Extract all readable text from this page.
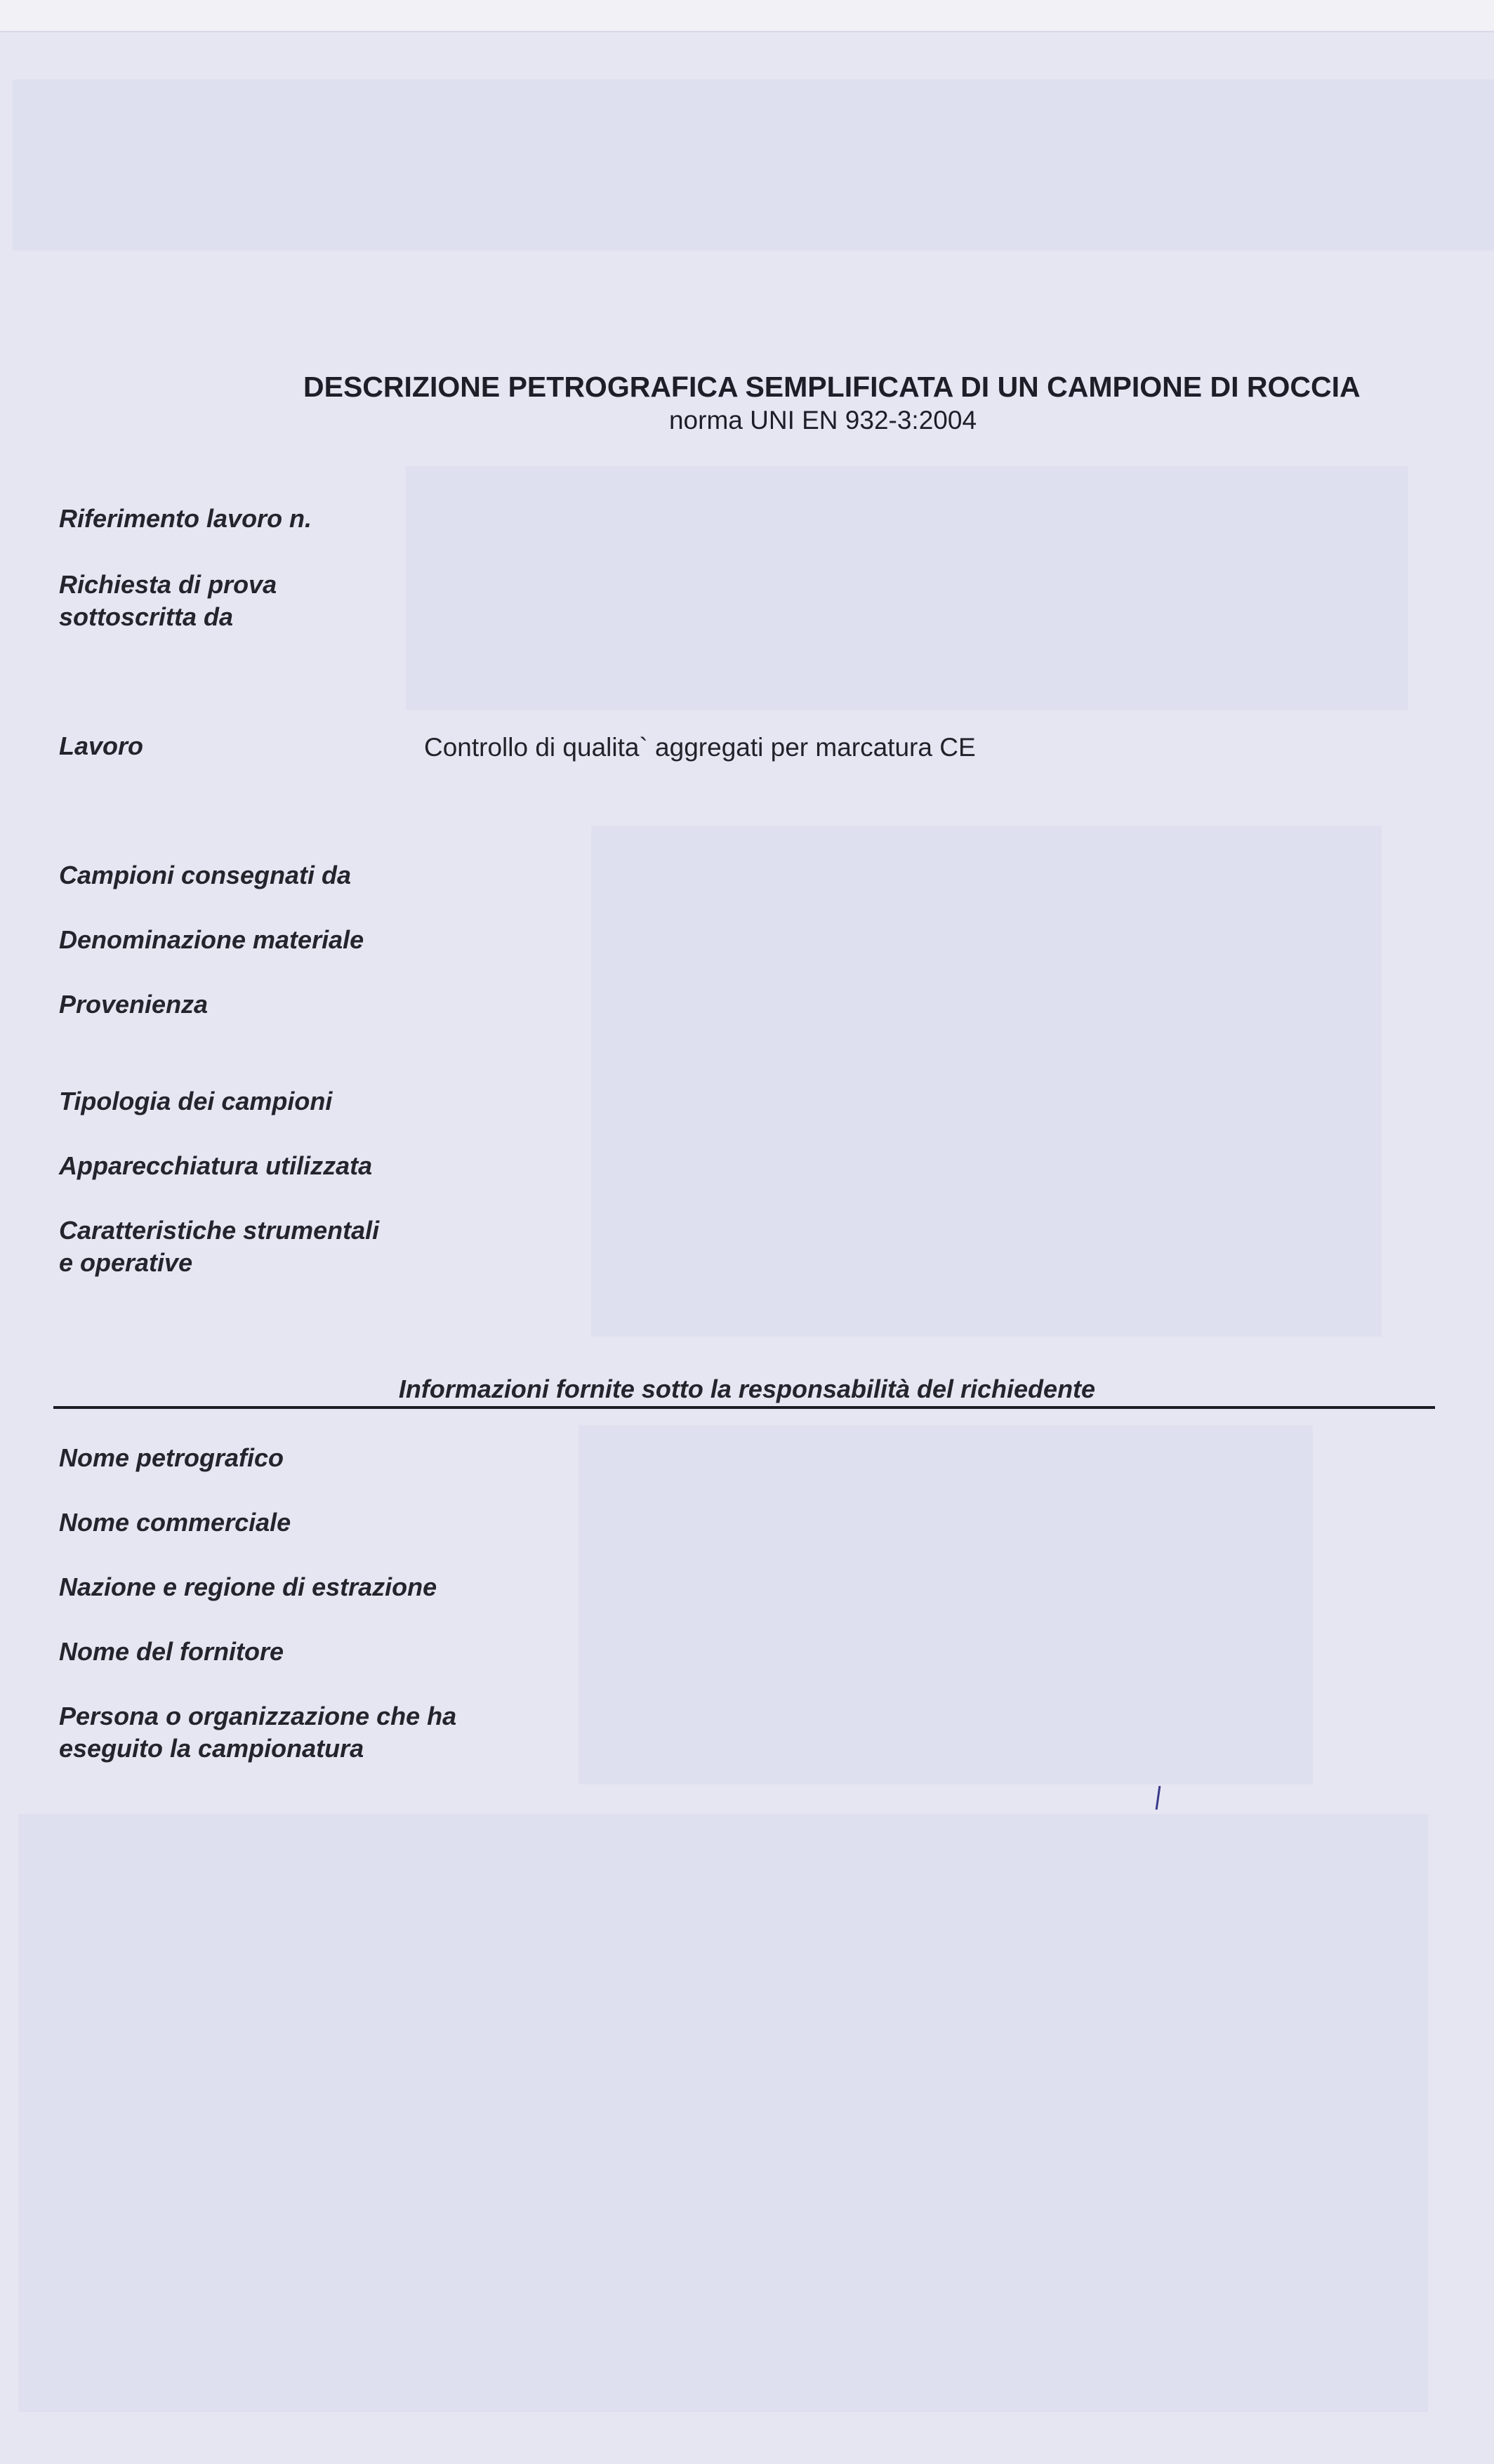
DESCRIZIONE PETROGRAFICA SEMPLIFICATA DI UN CAMPIONE DI ROCCIA
norma UNI EN 932-3:2004
Riferimento lavoro n.
Richiesta di prova
sottoscritta da
Lavoro	Controllo di qualita` aggregati per marcatura CE
Campioni consegnati da
Denominazione materiale
Provenienza
Tipologia dei campioni
Apparecchiatura utilizzata
Caratteristiche strumentali
e operative
Informazioni fornite sotto la responsabilità del richiedente
Nome petrografico
Nome commerciale
Nazione e regione di estrazione
Nome del fornitore
Persona o organizzazione che ha
eseguito la campionatura
